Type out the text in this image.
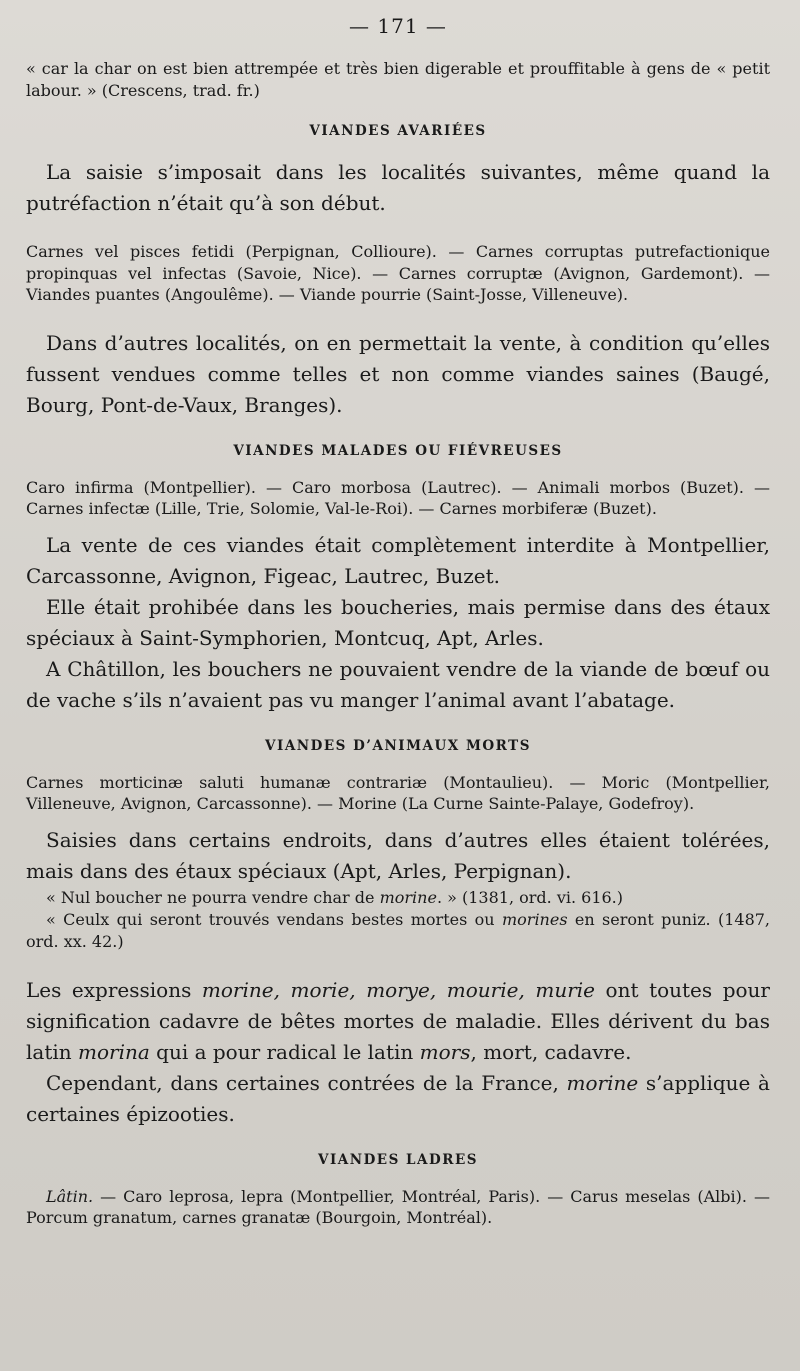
— 171 —

« car la char on est bien attrempée et très bien digerable et prouffitable à gens de « petit labour. » (Crescens, trad. fr.)

VIANDES AVARIÉES

La saisie s’imposait dans les localités suivantes, même quand la putréfaction n’était qu’à son début.

Carnes vel pisces fetidi (Perpignan, Collioure). — Carnes corruptas putrefactionique propinquas vel infectas (Savoie, Nice). — Carnes corruptæ (Avignon, Gardemont). — Viandes puantes (Angoulême). — Viande pourrie (Saint-Josse, Villeneuve).

Dans d’autres localités, on en permettait la vente, à condition qu’elles fussent vendues comme telles et non comme viandes saines (Baugé, Bourg, Pont-de-Vaux, Branges).

VIANDES MALADES OU FIÉVREUSES

Caro infirma (Montpellier). — Caro morbosa (Lautrec). — Animali morbos (Buzet). — Carnes infectæ (Lille, Trie, Solomie, Val-le-Roi). — Carnes morbiferæ (Buzet).

La vente de ces viandes était complètement interdite à Montpellier, Carcassonne, Avignon, Figeac, Lautrec, Buzet.

Elle était prohibée dans les boucheries, mais permise dans des étaux spéciaux à Saint-Symphorien, Montcuq, Apt, Arles.

A Châtillon, les bouchers ne pouvaient vendre de la viande de bœuf ou de vache s’ils n’avaient pas vu manger l’animal avant l’abatage.

VIANDES D’ANIMAUX MORTS

Carnes morticinæ saluti humanæ contrariæ (Montaulieu). — Moric (Montpellier, Villeneuve, Avignon, Carcassonne). — Morine (La Curne Sainte-Palaye, Godefroy).

Saisies dans certains endroits, dans d’autres elles étaient tolérées, mais dans des étaux spéciaux (Apt, Arles, Perpignan).

« Nul boucher ne pourra vendre char de morine. » (1381, ord. vi. 616.)

« Ceulx qui seront trouvés vendans bestes mortes ou morines en seront puniz. (1487, ord. xx. 42.)

Les expressions morine, morie, morye, mourie, murie ont toutes pour signification cadavre de bêtes mortes de maladie. Elles dérivent du bas latin morina qui a pour radical le latin mors, mort, cadavre.

Cependant, dans certaines contrées de la France, morine s’applique à certaines épizooties.

VIANDES LADRES

Lâtin. — Caro leprosa, lepra (Montpellier, Montréal, Paris). — Carus meselas (Albi). — Porcum granatum, carnes granatæ (Bourgoin, Montréal).
